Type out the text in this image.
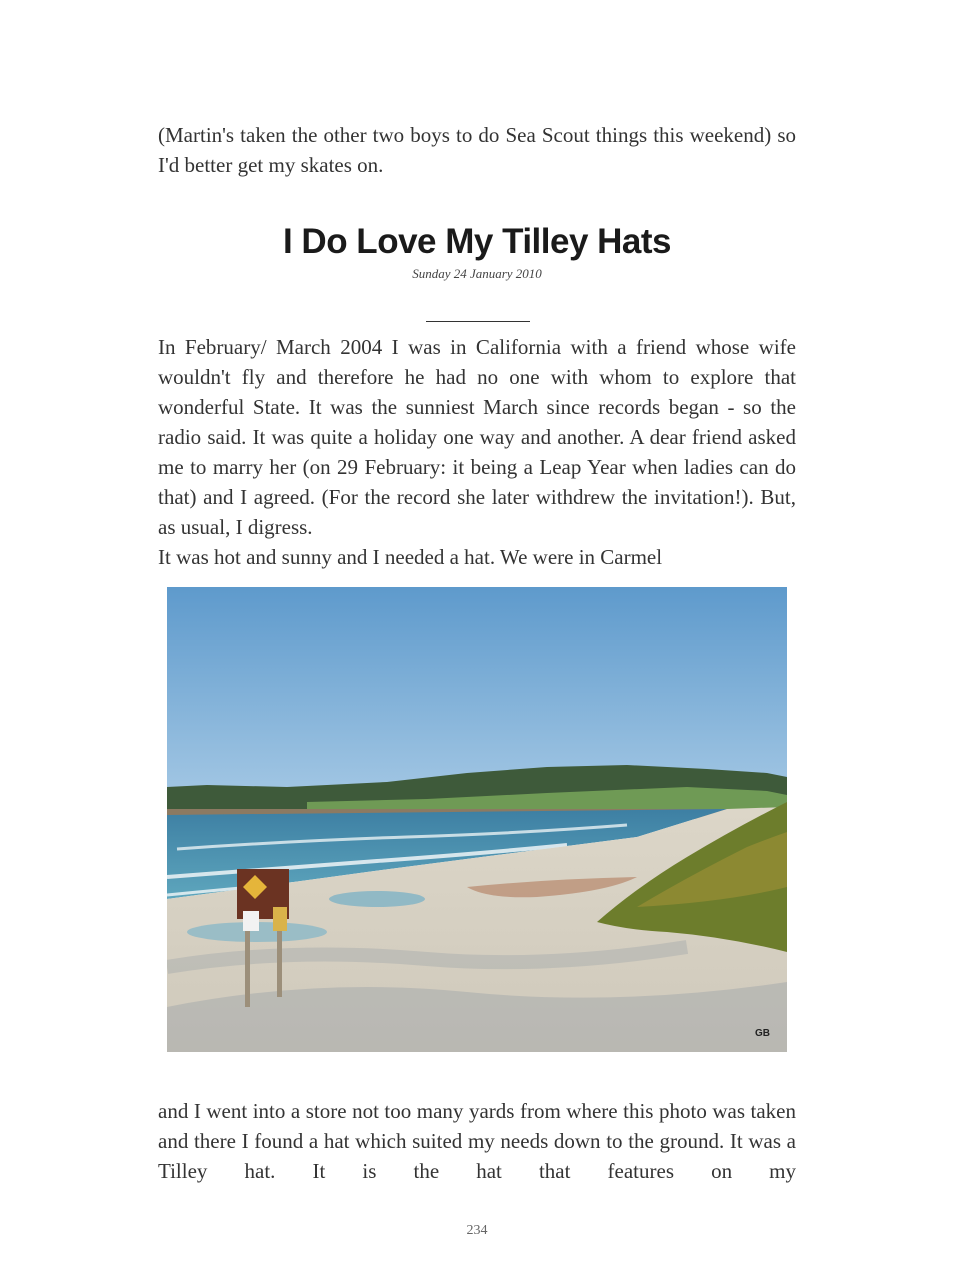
(Martin's taken the other two boys to do Sea Scout things this weekend) so I'd better get my skates on.

I Do Love My Tilley Hats
Sunday 24 January 2010

In February/ March 2004 I was in California with a friend whose wife wouldn't fly and therefore he had no one with whom to explore that wonderful State. It was the sunniest March since records began - so the radio said. It was quite a holiday one way and another. A dear friend asked me to marry her (on 29 February: it being a Leap Year when ladies can do that) and I agreed. (For the record she later withdrew the invitation!). But, as usual, I digress.

It was hot and sunny and I needed a hat. We were in Carmel

GB

and I went into a store not too many yards from where this photo was taken and there I found a hat which suited my needs down to the ground. It was a Tilley hat. It is the hat that features on my

234
